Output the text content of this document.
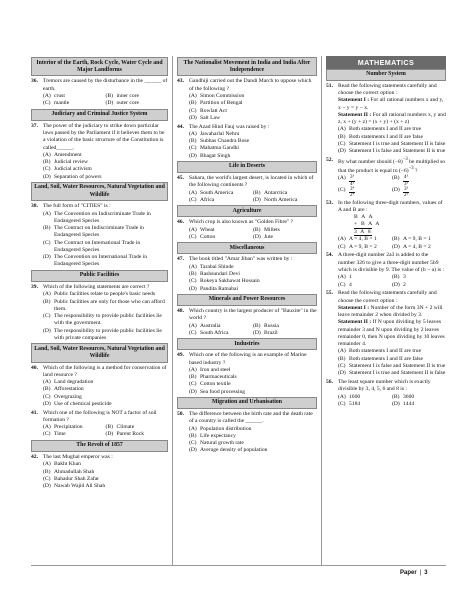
Interior of the Earth, Rock Cycle, Water Cycle and Major Landforms
36. Tremors are caused by the disturbance in the ______ of earth.
(A) crust	(B) inner core
(C) mantle	(D) outer core
Judiciary and Criminal Justice System
37. The power of the judiciary to strike down particular laws passed by the Parliament if it believes them to be a violation of the basic structure of the Constitution is called______.
(A) Amendment
(B) Judicial review
(C) Judicial activism
(D) Separation of powers
Land, Soil, Water Resources, Natural Vegetation and Wildlife
38. The full form of "CITIES" is :
(A) The Convention on Indiscriminate Trade in Endangered Species
(B) The Contract on Indiscriminate Trade in Endangered Species
(C) The Contract on International Trade in Endangered Species
(D) The Convention on International Trade in Endangered Species
Public Facilities
39. Which of the following statements are correct ?
(A) Public facilities relate to people's basic needs
(B) Public facilities are only for those who can afford them.
(C) The responsibility to provide public facilities lie with the government.
(D) The responsibility to provide public facilities lie with private companies
Land, Soil, Water Resources, Natural Vegetation and Wildlife
40. Which of the following is a method for conservation of land resource ?
(A) Land degradation
(B) Afforestation
(C) Overgrazing
(D) Use of chemical pesticide
41. Which one of the following is NOT a factor of soil formation ?
(A) Precipitation	(B) Climate
(C) Time	(D) Parent Rock
The Revolt of 1857
42. The last Mughal emperor was :
(A) Bakht Khan
(B) Ahmadullah Shah
(C) Bahadur Shah Zafar
(D) Nawab Wajid Ali Shah
The Nationalist Movement in India and India After Independence
43. Gandhiji carried out the Dandi March to oppose which of the following ?
(A) Simon Commission
(B) Partition of Bengal
(C) Rowlatt Act
(D) Salt Law
44. The Azad Hind Fauj was raised by :
(A) Jawaharlal Nehru
(B) Subhas Chandra Bose
(C) Mahatma Gandhi
(D) Bhagat Singh
Life in Deserts
45. Sahara, the world's largest desert, is located in which of the following continents ?
(A) South America	(B) Antarctica
(C) Africa	(D) North America
Agriculture
46. Which crop is also known as "Golden Fibre" ?
(A) Wheat	(B) Millets
(C) Cotton	(D) Jute
Miscellaneous
47. The book titled "Amar Jiban" was written by :
(A) Tarabai Shinde
(B) Rashsundari Devi
(C) Rokeya Sakhawat Hossain
(D) Pandita Ramabai
Minerals and Power Resources
48. Which country is the largest producer of "Bauxite" in the world ?
(A) Australia	(B) Russia
(C) South Africa	(D) Brazil
Industries
49. Which one of the following is an example of Marine based industry ?
(A) Iron and steel
(B) Pharmaceuticals
(C) Cotton textile
(D) Sea food processing
Migration and Urbanisation
50. The difference between the birth rate and the death rate of a country is called the ______.
(A) Population distribution
(B) Life expectancy
(C) Natural growth rate
(D) Average density of population
MATHEMATICS
Number System
51. Read the following statements carefully and choose the correct option :
Statement I : For all rational numbers x and y, x − y = y − x.
Statement II : For all rational numbers x, y and z, x + (y + z) = (x + y) + (x + z)
(A) Both statements I and II are true
(B) Both statements I and II are false
(C) Statement I is true and Statement II is false
(D) Statement I is false and Statement II is true
52. By what number should $(-8)^{-3}$ be multiplied so that the product is equal to $(-6)^{-3}$ ?
$(A) \frac{\text{3³}}{\text{4³}}$	$(B) \frac{\text{4³}}{\text{3³}}$
$(C) \frac{\text{3⁴}}{\text{2⁴}}$	$(D) \frac{\text{3²}}{\text{2²}}$
53. In the following three-digit numbers, values of A and B are :
B A A
+ B A A
3 A 8
(A) A = 4, B = 1	(B) A = 9, B = 1
(C) A = 9, B = 2	(D) A = 4, B = 2
54. A three-digit number 2a3 is added to the number 326 to give a three-digit number 5b9 which is divisible by 9. The value of (b − a) is :
(A) 1	(B) 3
(C) 4	(D) 2
55. Read the following statements carefully and choose the correct option :
Statement I : Number of the form 3N + 2 will leave remainder 2 when divided by 3.
Statement II : If N upon dividing by 5 leaves remainder 3 and N upon dividing by 2 leaves remainder 0, then N upon dividing by 10 leaves remainder 4.
(A) Both statements I and II are true
(B) Both statements I and II are false
(C) Statement I is false and Statement II is true
(D) Statement I is true and Statement II is false
56. The least square number which is exactly divisible by 3, 4, 5, 6 and 8 is :
(A) 1600	(B) 3600
(C) 5184	(D) 1444
Paper | 3
